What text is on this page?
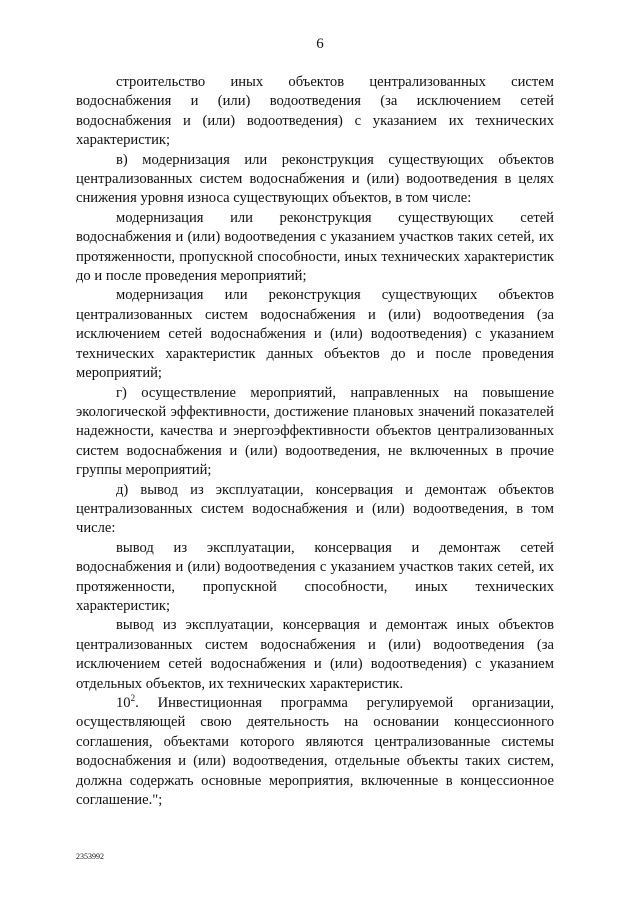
6

строительство иных объектов централизованных систем водоснабжения и (или) водоотведения (за исключением сетей водоснабжения и (или) водоотведения) с указанием их технических характеристик;

в) модернизация или реконструкция существующих объектов централизованных систем водоснабжения и (или) водоотведения в целях снижения уровня износа существующих объектов, в том числе:

модернизация или реконструкция существующих сетей водоснабжения и (или) водоотведения с указанием участков таких сетей, их протяженности, пропускной способности, иных технических характеристик до и после проведения мероприятий;

модернизация или реконструкция существующих объектов централизованных систем водоснабжения и (или) водоотведения (за исключением сетей водоснабжения и (или) водоотведения) с указанием технических характеристик данных объектов до и после проведения мероприятий;

г) осуществление мероприятий, направленных на повышение экологической эффективности, достижение плановых значений показателей надежности, качества и энергоэффективности объектов централизованных систем водоснабжения и (или) водоотведения, не включенных в прочие группы мероприятий;

д) вывод из эксплуатации, консервация и демонтаж объектов централизованных систем водоснабжения и (или) водоотведения, в том числе:

вывод из эксплуатации, консервация и демонтаж сетей водоснабжения и (или) водоотведения с указанием участков таких сетей, их протяженности, пропускной способности, иных технических характеристик;

вывод из эксплуатации, консервация и демонтаж иных объектов централизованных систем водоснабжения и (или) водоотведения (за исключением сетей водоснабжения и (или) водоотведения) с указанием отдельных объектов, их технических характеристик.

$10^2$. Инвестиционная программа регулируемой организации, осуществляющей свою деятельность на основании концессионного соглашения, объектами которого являются централизованные системы водоснабжения и (или) водоотведения, отдельные объекты таких систем, должна содержать основные мероприятия, включенные в концессионное соглашение.";

2353992
